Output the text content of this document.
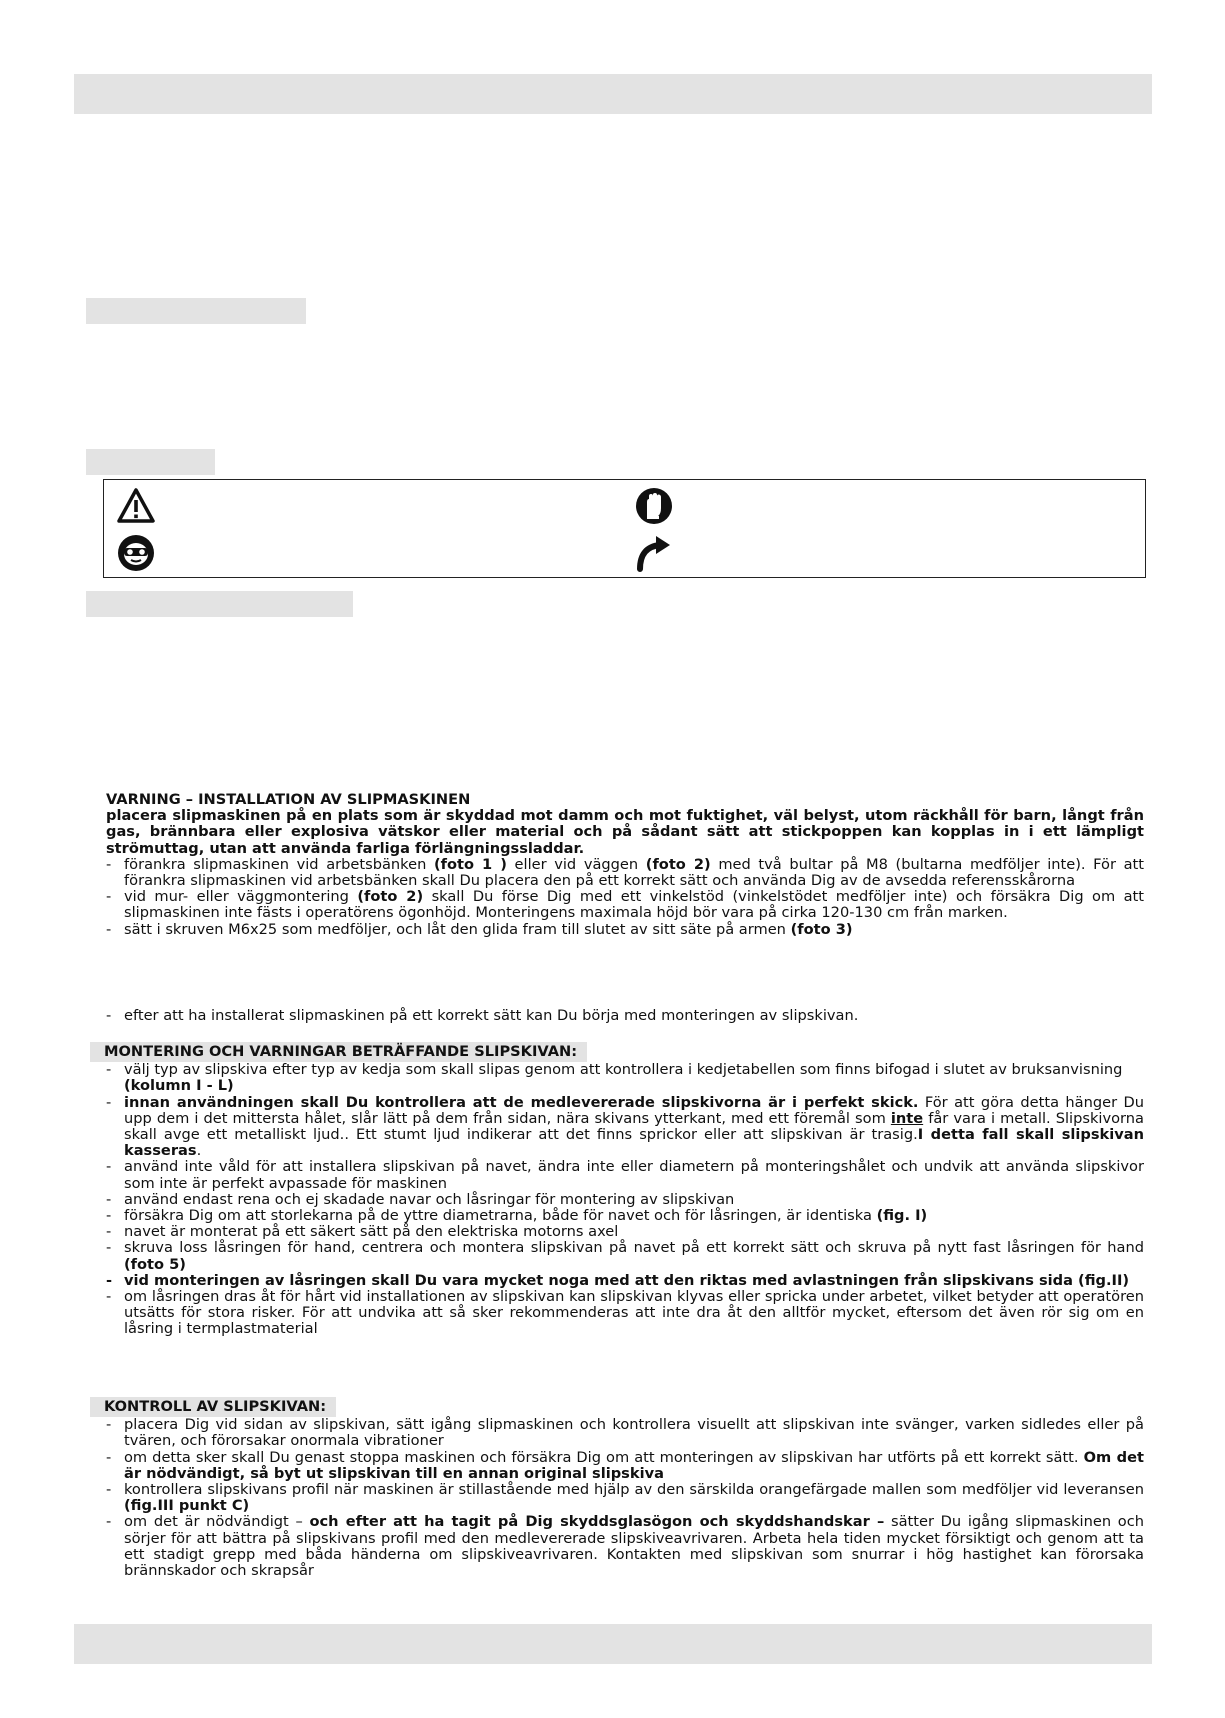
VARNING – INSTALLATION AV SLIPMASKINEN

placera slipmaskinen på en plats som är skyddad mot damm och mot fuktighet, väl belyst, utom räckhåll för barn, långt från gas, brännbara eller explosiva vätskor eller material och på sådant sätt att stickpoppen kan kopplas in i ett lämpligt strömuttag, utan att använda farliga förlängningssladdar.

- förankra slipmaskinen vid arbetsbänken (foto 1 ) eller vid väggen (foto 2) med två bultar på M8 (bultarna medföljer inte). För att förankra slipmaskinen vid arbetsbänken skall Du placera den på ett korrekt sätt och använda Dig av de avsedda referensskårorna

- vid mur- eller väggmontering (foto 2) skall Du förse Dig med ett vinkelstöd (vinkelstödet medföljer inte) och försäkra Dig om att slipmaskinen inte fästs i operatörens ögonhöjd. Monteringens maximala höjd bör vara på cirka 120-130 cm från marken.

- sätt i skruven M6x25 som medföljer, och låt den glida fram till slutet av sitt säte på armen (foto 3)

- efter att ha installerat slipmaskinen på ett korrekt sätt kan Du börja med monteringen av slipskivan.

MONTERING OCH VARNINGAR BETRÄFFANDE SLIPSKIVAN:

- välj typ av slipskiva efter typ av kedja som skall slipas genom att kontrollera i kedjetabellen som finns bifogad i slutet av bruksanvisning (kolumn I - L)

- innan användningen skall Du kontrollera att de medlevererade slipskivorna är i perfekt skick. För att göra detta hänger Du upp dem i det mittersta hålet, slår lätt på dem från sidan, nära skivans ytterkant, med ett föremål som inte får vara i metall. Slipskivorna skall avge ett metalliskt ljud.. Ett stumt ljud indikerar att det finns sprickor eller att slipskivan är trasig.I detta fall skall slipskivan kasseras.

- använd inte våld för att installera slipskivan på navet, ändra inte eller diametern på monteringshålet och undvik att använda slipskivor som inte är perfekt avpassade för maskinen

- använd endast rena och ej skadade navar och låsringar för montering av slipskivan

- försäkra Dig om att storlekarna på de yttre diametrarna, både för navet och för låsringen, är identiska (fig. I)

- navet är monterat på ett säkert sätt på den elektriska motorns axel

- skruva loss låsringen för hand, centrera och montera slipskivan på navet på ett korrekt sätt och skruva på nytt fast låsringen för hand (foto 5)

- vid monteringen av låsringen skall Du vara mycket noga med att den riktas med avlastningen från slipskivans sida (fig.II)

- om låsringen dras åt för hårt vid installationen av slipskivan kan slipskivan klyvas eller spricka under arbetet, vilket betyder att operatören utsätts för stora risker. För att undvika att så sker rekommenderas att inte dra åt den alltför mycket, eftersom det även rör sig om en låsring i termplastmaterial

KONTROLL AV SLIPSKIVAN:

- placera Dig vid sidan av slipskivan, sätt igång slipmaskinen och kontrollera visuellt att slipskivan inte svänger, varken sidledes eller på tvären, och förorsakar onormala vibrationer

- om detta sker skall Du genast stoppa maskinen och försäkra Dig om att monteringen av slipskivan har utförts på ett korrekt sätt. Om det är nödvändigt, så byt ut slipskivan till en annan original slipskiva

- kontrollera slipskivans profil när maskinen är stillastående med hjälp av den särskilda orangefärgade mallen som medföljer vid leveransen (fig.III punkt C)

- om det är nödvändigt – och efter att ha tagit på Dig skyddsglasögon och skyddshandskar – sätter Du igång slipmaskinen och sörjer för att bättra på slipskivans profil med den medlevererade slipskiveavrivaren. Arbeta hela tiden mycket försiktigt och genom att ta ett stadigt grepp med båda händerna om slipskiveavrivaren. Kontakten med slipskivan som snurrar i hög hastighet kan förorsaka brännskador och skrapsår
